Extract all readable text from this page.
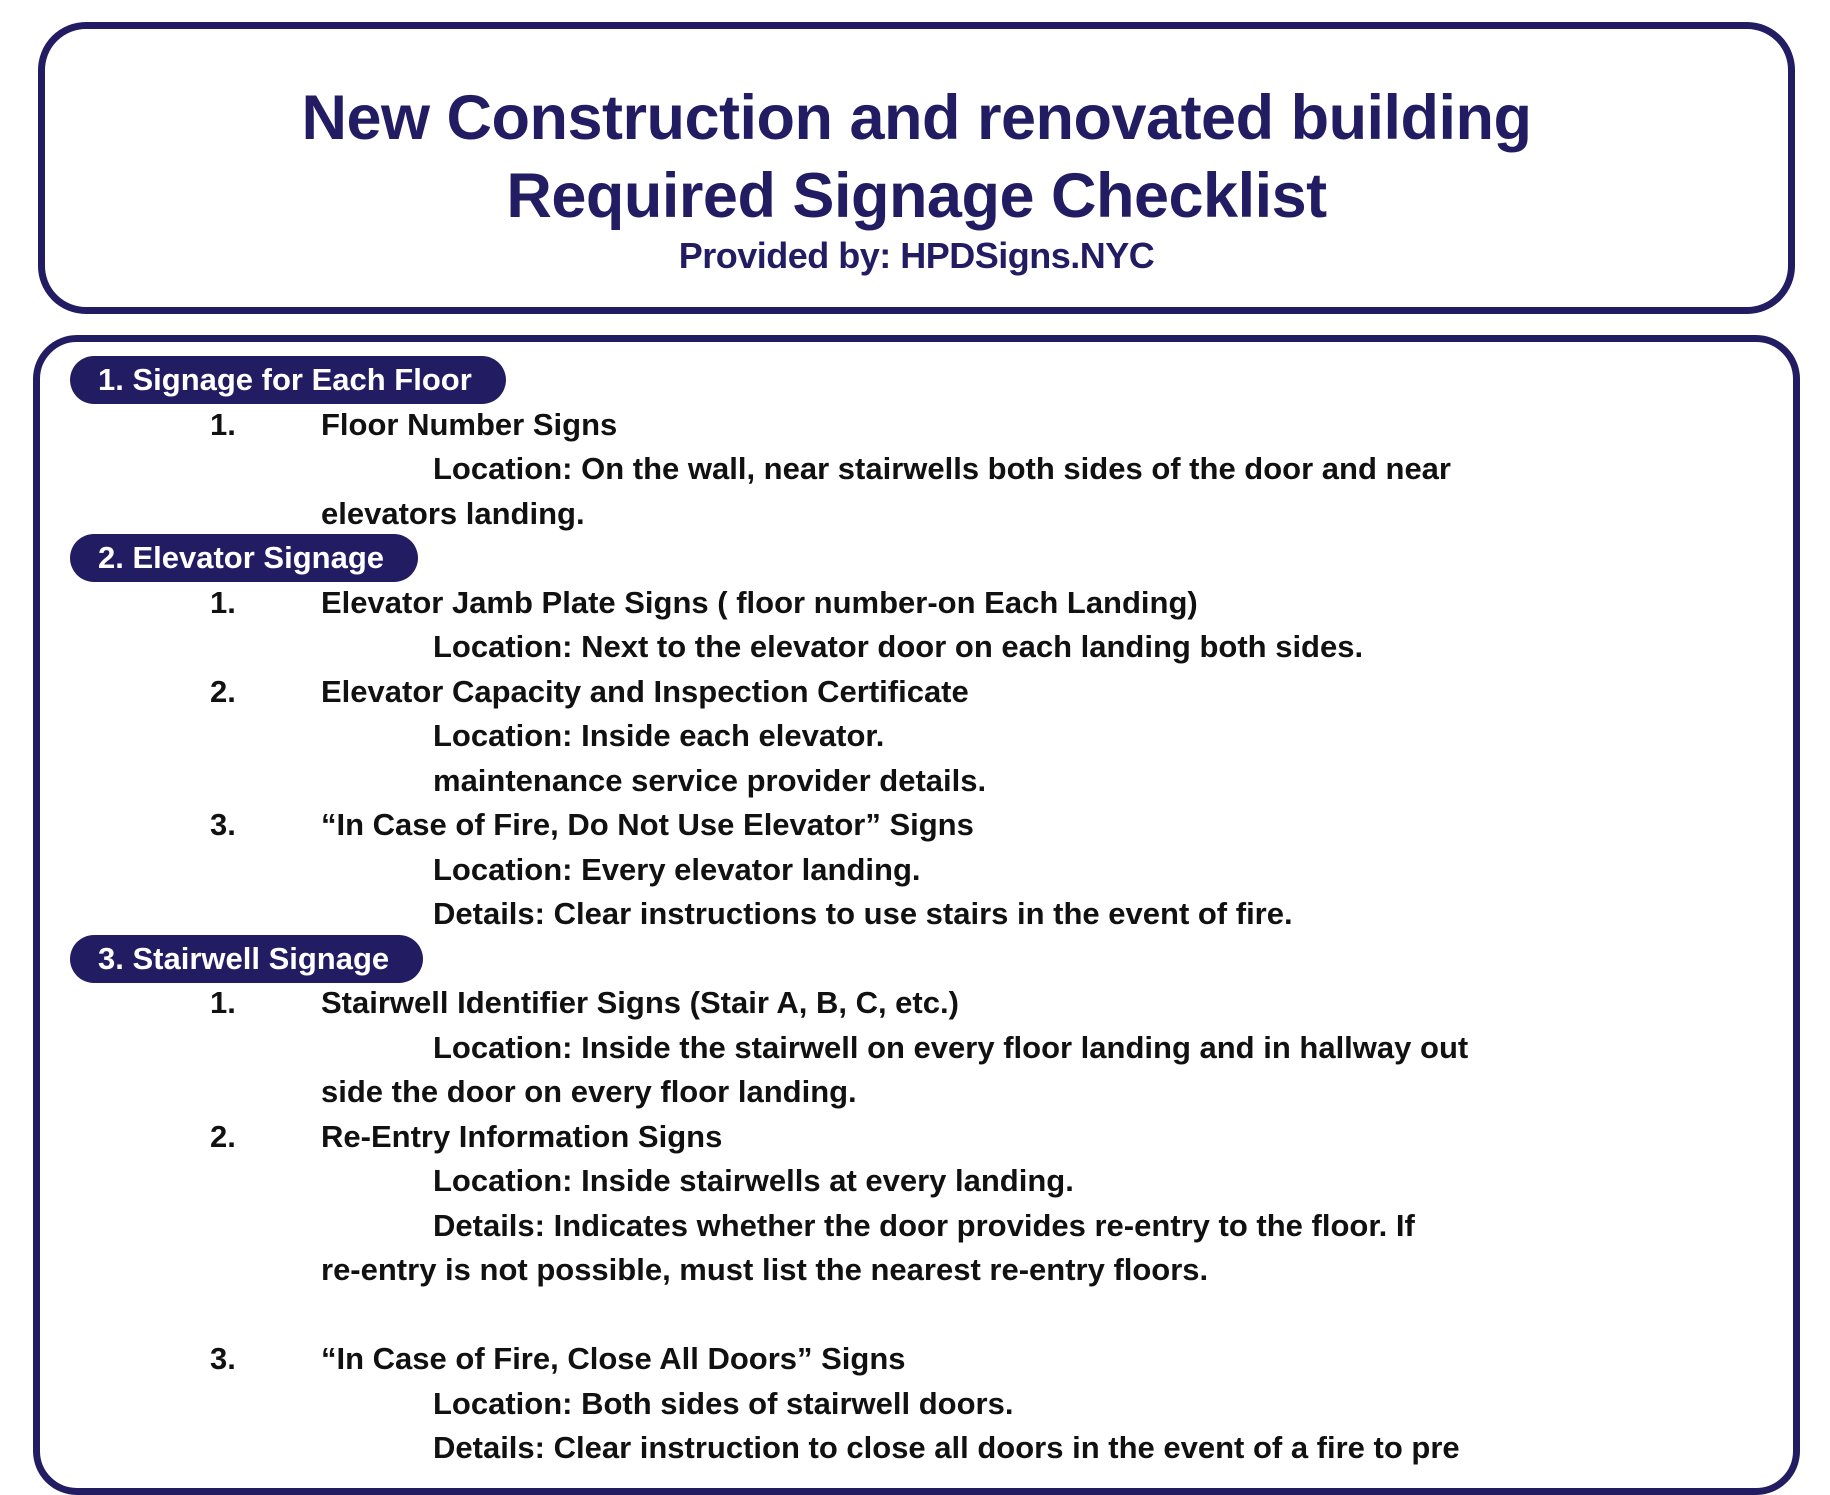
New Construction and renovated building
Required Signage Checklist
Provided by: HPDSigns.NYC
1. Signage for Each Floor
1.	Floor Number Signs
Location: On the wall, near stairwells both sides of the door and near
elevators landing.
2. Elevator Signage
1.	Elevator Jamb Plate Signs ( floor number-on Each Landing)
Location: Next to the elevator door on each landing both sides.
2.	Elevator Capacity and Inspection Certificate
Location: Inside each elevator.
maintenance service provider details.
3.	“In Case of Fire, Do Not Use Elevator” Signs
Location: Every elevator landing.
Details: Clear instructions to use stairs in the event of fire.
3. Stairwell Signage
1.	Stairwell Identifier Signs (Stair A, B, C, etc.)
Location: Inside the stairwell on every floor landing and in hallway out
side the door on every floor landing.
2.	Re-Entry Information Signs
Location: Inside stairwells at every landing.
Details: Indicates whether the door provides re-entry to the floor. If
re-entry is not possible, must list the nearest re-entry floors.
3.	“In Case of Fire, Close All Doors” Signs
Location: Both sides of stairwell doors.
Details: Clear instruction to close all doors in the event of a fire to pre
